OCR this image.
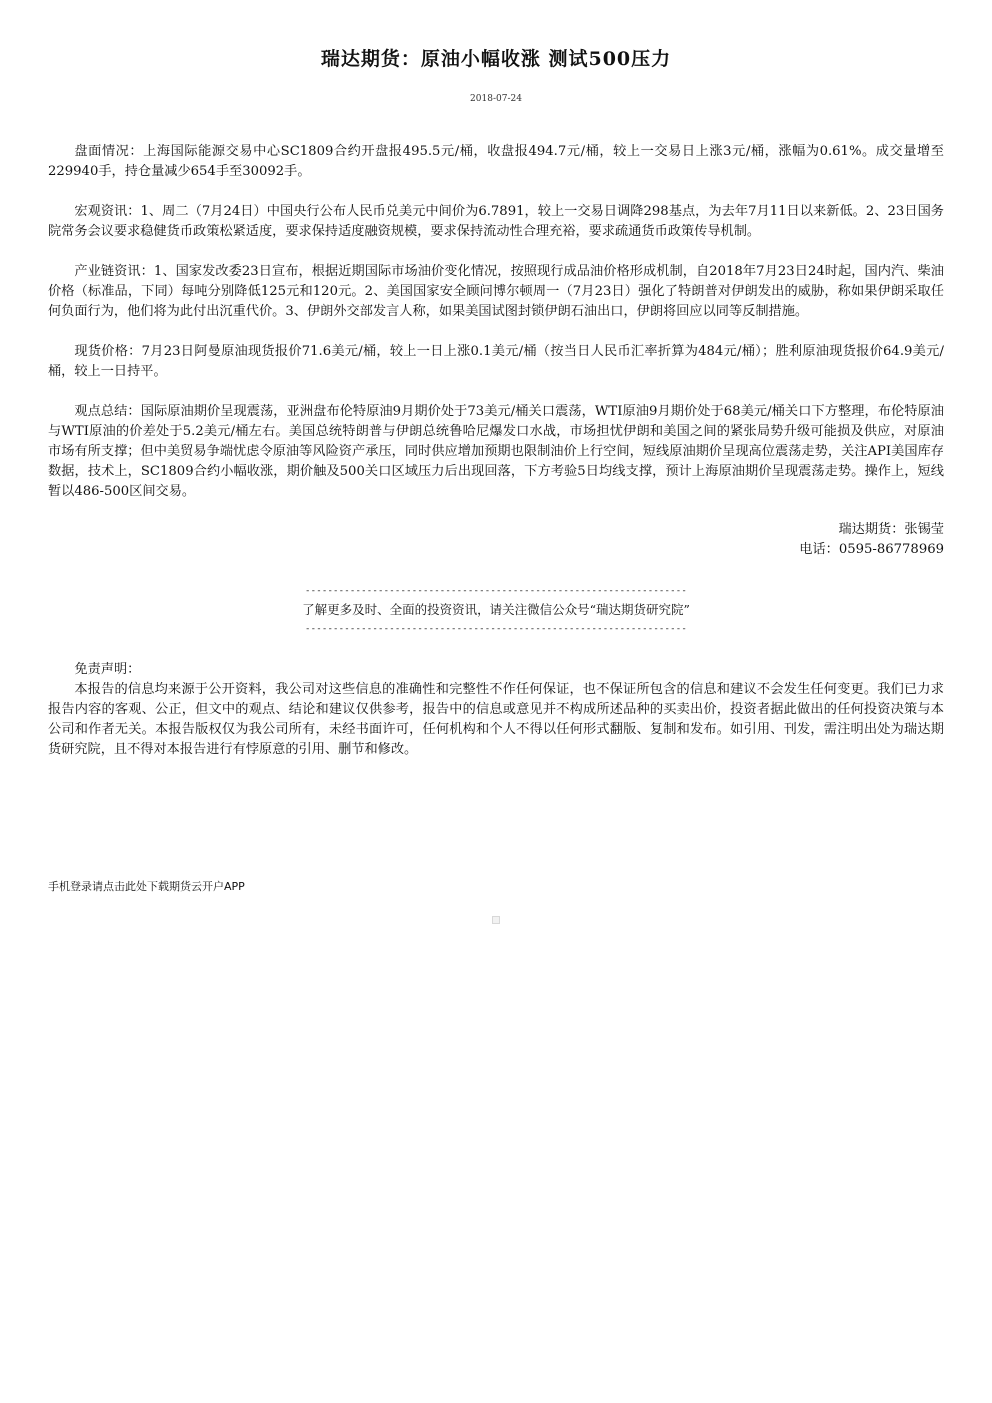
瑞达期货：原油小幅收涨 测试500压力
2018-07-24

盘面情况：上海国际能源交易中心SC1809合约开盘报495.5元/桶，收盘报494.7元/桶，较上一交易日上涨3元/桶，涨幅为0.61%。成交量增至229940手，持仓量减少654手至30092手。

宏观资讯：1、周二（7月24日）中国央行公布人民币兑美元中间价为6.7891，较上一交易日调降298基点，为去年7月11日以来新低。2、23日国务院常务会议要求稳健货币政策松紧适度，要求保持适度融资规模，要求保持流动性合理充裕，要求疏通货币政策传导机制。

产业链资讯：1、国家发改委23日宣布，根据近期国际市场油价变化情况，按照现行成品油价格形成机制，自2018年7月23日24时起，国内汽、柴油价格（标准品，下同）每吨分别降低125元和120元。2、美国国家安全顾问博尔顿周一（7月23日）强化了特朗普对伊朗发出的威胁，称如果伊朗采取任何负面行为，他们将为此付出沉重代价。3、伊朗外交部发言人称，如果美国试图封锁伊朗石油出口，伊朗将回应以同等反制措施。

现货价格：7月23日阿曼原油现货报价71.6美元/桶，较上一日上涨0.1美元/桶（按当日人民币汇率折算为484元/桶）；胜利原油现货报价64.9美元/桶，较上一日持平。

观点总结：国际原油期价呈现震荡，亚洲盘布伦特原油9月期价处于73美元/桶关口震荡，WTI原油9月期价处于68美元/桶关口下方整理，布伦特原油与WTI原油的价差处于5.2美元/桶左右。美国总统特朗普与伊朗总统鲁哈尼爆发口水战，市场担忧伊朗和美国之间的紧张局势升级可能损及供应，对原油市场有所支撑；但中美贸易争端忧虑令原油等风险资产承压，同时供应增加预期也限制油价上行空间，短线原油期价呈现高位震荡走势，关注API美国库存数据，技术上，SC1809合约小幅收涨，期价触及500关口区域压力后出现回落，下方考验5日均线支撑，预计上海原油期价呈现震荡走势。操作上，短线暂以486-500区间交易。

瑞达期货：张锡莹
电话：0595-86778969
--------------------------------------------------------------------
了解更多及时、全面的投资资讯，请关注微信公众号“瑞达期货研究院”
--------------------------------------------------------------------
免责声明：
本报告的信息均来源于公开资料，我公司对这些信息的准确性和完整性不作任何保证，也不保证所包含的信息和建议不会发生任何变更。我们已力求报告内容的客观、公正，但文中的观点、结论和建议仅供参考，报告中的信息或意见并不构成所述品种的买卖出价，投资者据此做出的任何投资决策与本公司和作者无关。本报告版权仅为我公司所有，未经书面许可，任何机构和个人不得以任何形式翻版、复制和发布。如引用、刊发，需注明出处为瑞达期货研究院，且不得对本报告进行有悖原意的引用、删节和修改。
手机登录请点击此处下载期货云开户APP
